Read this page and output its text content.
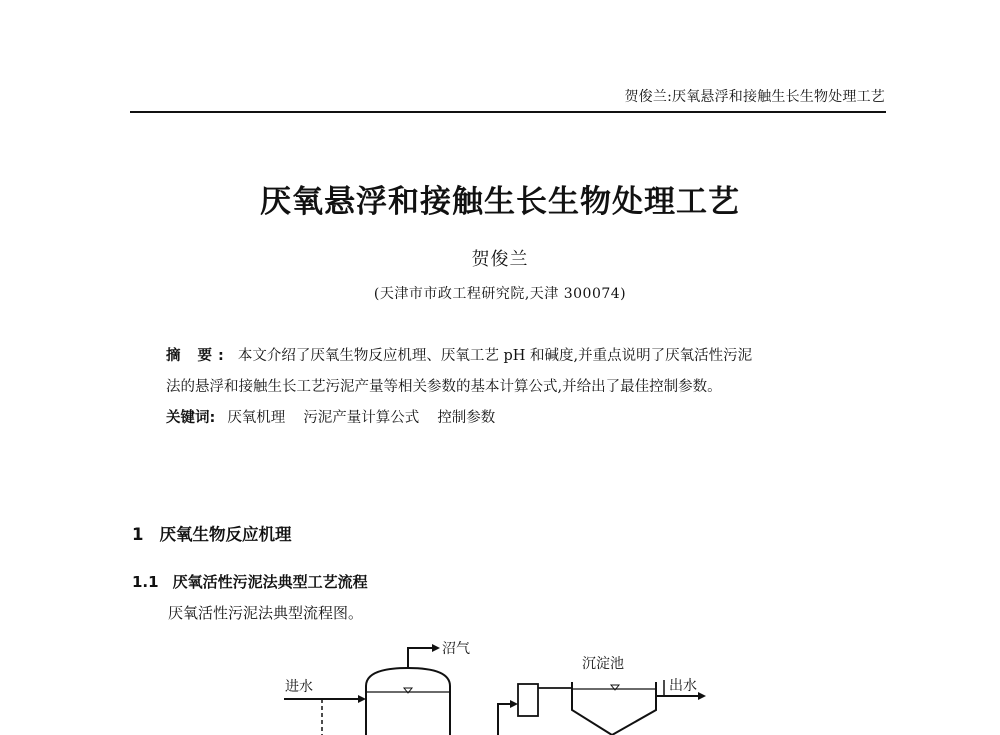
贺俊兰:厌氧悬浮和接触生长生物处理工艺
厌氧悬浮和接触生长生物处理工艺
贺俊兰
(天津市市政工程研究院,天津 300074)
摘 要: 本文介绍了厌氧生物反应机理、厌氧工艺 pH 和碱度,并重点说明了厌氧活性污泥
法的悬浮和接触生长工艺污泥产量等相关参数的基本计算公式,并给出了最佳控制参数。
关键词: 厌氧机理 污泥产量计算公式 控制参数
1 厌氧生物反应机理
1.1 厌氧活性污泥法典型工艺流程
厌氧活性污泥法典型流程图。
沼气
进水
沉淀池
出水
